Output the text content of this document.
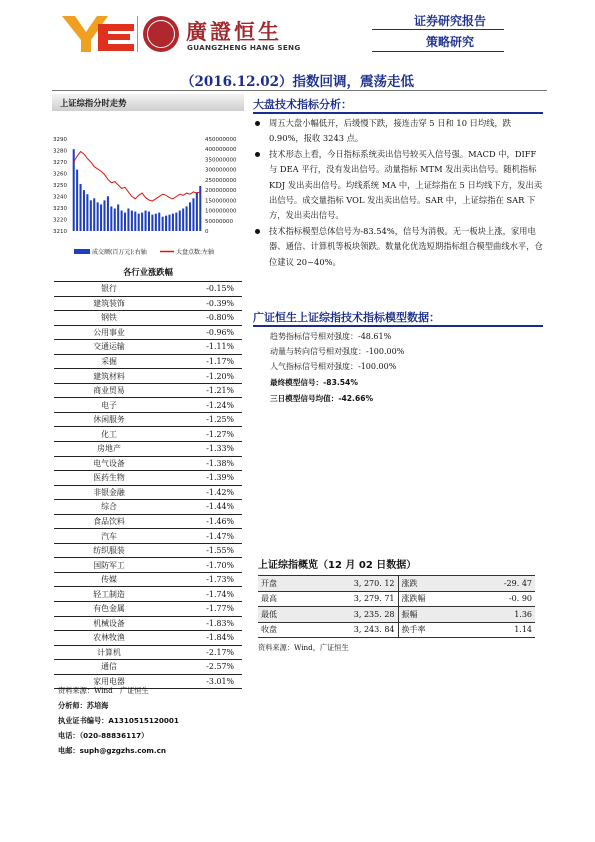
廣證恒生
GUANGZHENG HANG SENG
证券研究报告
策略研究
（2016.12.02）指数回调，震荡走低
上证综指分时走势
3290
3280
3270
3260
3250
3240
3230
3220
3210
450000000
400000000
350000000
300000000
250000000
200000000
150000000
100000000
50000000
0
成交额(百万元):右轴	大盘点数:左轴
各行业涨跌幅
银行	-0.15%
建筑装饰	-0.39%
钢铁	-0.80%
公用事业	-0.96%
交通运输	-1.11%
采掘	-1.17%
建筑材料	-1.20%
商业贸易	-1.21%
电子	-1.24%
休闲服务	-1.25%
化工	-1.27%
房地产	-1.33%
电气设备	-1.38%
医药生物	-1.39%
非银金融	-1.42%
综合	-1.44%
食品饮料	-1.46%
汽车	-1.47%
纺织服装	-1.55%
国防军工	-1.70%
传媒	-1.73%
轻工制造	-1.74%
有色金属	-1.77%
机械设备	-1.83%
农林牧渔	-1.84%
计算机	-2.17%
通信	-2.57%
家用电器	-3.01%
资料来源：Wind　广证恒生
分析师：苏培海
执业证书编号：A1310515120001
电话：（020-88836117）
电邮：suph@gzgzhs.com.cn
大盘技术指标分析：
周五大盘小幅低开，后缓慢下跌，接连击穿 5 日和 10 日均线，跌 0.90%，报收 3243 点。
技术形态上看，今日指标系统卖出信号较买入信号强。MACD 中，DIFF 与 DEA 平行，没有发出信号。动量指标 MTM 发出卖出信号。随机指标 KDJ 发出卖出信号。均线系统 MA 中，上证综指在 5 日均线下方，发出卖出信号。成交量指标 VOL 发出卖出信号。SAR 中，上证综指在 SAR 下方，发出卖出信号。
技术指标模型总体信号为-83.54%，信号为消极。无一板块上涨，家用电器、通信、计算机等板块领跌。数量化优选短期指标组合模型曲线水平，仓位建议 20~40%。
广证恒生上证综指技术指标模型数据：
趋势指标信号相对强度：-48.61%
动量与转向信号相对强度：-100.00%
人气指标信号相对强度：-100.00%
最终模型信号：-83.54%
三日模型信号均值：-42.66%
上证综指概览（12 月 02 日数据）
开盘	3, 270. 12	涨跌	-29. 47
最高	3, 279. 71	涨跌幅	-0. 90
最低	3, 235. 28	振幅	1.36
收盘	3, 243. 84	换手率	1.14
资料来源：Wind，广证恒生
